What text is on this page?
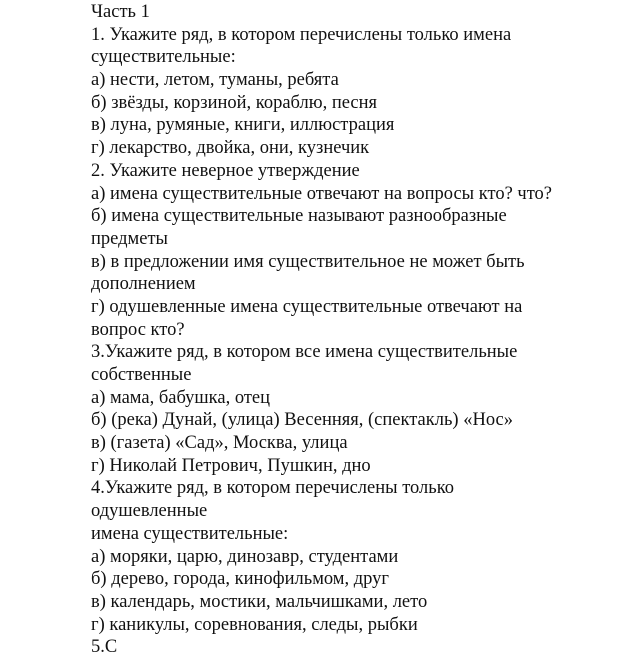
Часть 1
1. Укажите ряд, в котором перечислены только имена
существительные:
а) нести, летом, туманы, ребята
б) звёзды, корзиной, кораблю, песня
в) луна, румяные, книги, иллюстрация
г) лекарство, двойка, они, кузнечик
2. Укажите неверное утверждение
а) имена существительные отвечают на вопросы кто? что?
б) имена существительные называют разнообразные
предметы
в) в предложении имя существительное не может быть
дополнением
г) одушевленные имена существительные отвечают на
вопрос кто?
3.Укажите ряд, в котором все имена существительные
собственные
а) мама, бабушка, отец
б) (река) Дунай, (улица) Весенняя, (спектакль) «Нос»
в) (газета) «Сад», Москва, улица
г) Николай Петрович, Пушкин, дно
4.Укажите ряд, в котором перечислены только
одушевленные
имена существительные:
а) моряки, царю, динозавр, студентами
б) дерево, города, кинофильмом, друг
в) календарь, мостики, мальчишками, лето
г) каникулы, соревнования, следы, рыбки
5.С
